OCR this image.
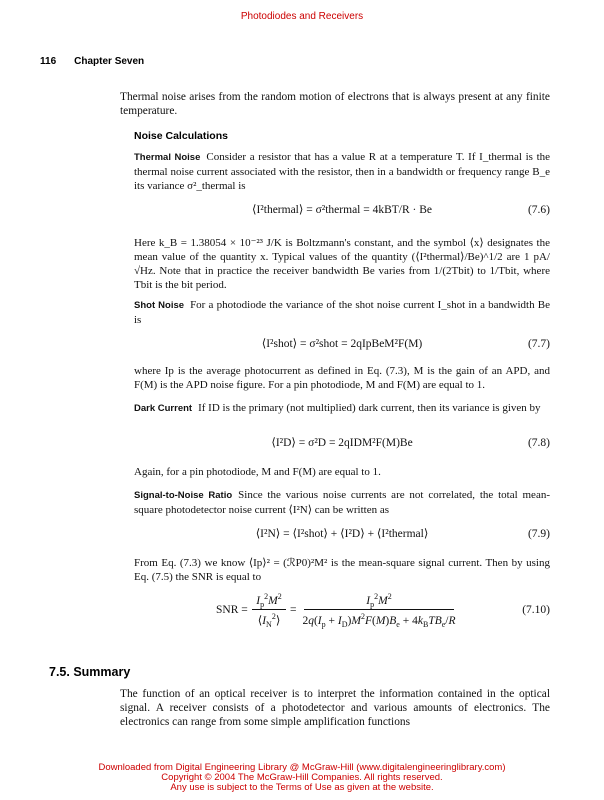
Photodiodes and Receivers
116 Chapter Seven
Thermal noise arises from the random motion of electrons that is always present at any finite temperature.
Noise Calculations
Thermal Noise Consider a resistor that has a value R at a temperature T. If I_thermal is the thermal noise current associated with the resistor, then in a bandwidth or frequency range B_e its variance σ²_thermal is
⟨I²thermal⟩ = σ²thermal = 4kBT/R · Be	(7.6)
Here k_B = 1.38054 × 10⁻²³ J/K is Boltzmann's constant, and the symbol ⟨x⟩ designates the mean value of the quantity x. Typical values of the quantity (⟨I²thermal⟩/Be)^1/2 are 1 pA/√Hz. Note that in practice the receiver bandwidth Be varies from 1/(2Tbit) to 1/Tbit, where Tbit is the bit period.
Shot Noise For a photodiode the variance of the shot noise current I_shot in a bandwidth Be is
⟨I²shot⟩ = σ²shot = 2qIpBeM²F(M)	(7.7)
where Ip is the average photocurrent as defined in Eq. (7.3), M is the gain of an APD, and F(M) is the APD noise figure. For a pin photodiode, M and F(M) are equal to 1.
Dark Current If ID is the primary (not multiplied) dark current, then its variance is given by
⟨I²D⟩ = σ²D = 2qIDM²F(M)Be	(7.8)
Again, for a pin photodiode, M and F(M) are equal to 1.
Signal-to-Noise Ratio Since the various noise currents are not correlated, the total mean-square photodetector noise current ⟨I²N⟩ can be written as
⟨I²N⟩ = ⟨I²shot⟩ + ⟨I²D⟩ + ⟨I²thermal⟩	(7.9)
From Eq. (7.3) we know ⟨Ip⟩² = (ℛP0)²M² is the mean-square signal current. Then by using Eq. (7.5) the SNR is equal to
SNR =
$I_p^2M^2$
$⟨I_N^2⟩$
=
$I_p^2M^2$
$2q(I_p + I_D)M^2F(M)B_e + 4k_BTB_e/R$
(7.10)
7.5. Summary
The function of an optical receiver is to interpret the information contained in the optical signal. A receiver consists of a photodetector and various amounts of electronics. The electronics can range from some simple amplification functions
Downloaded from Digital Engineering Library @ McGraw-Hill (www.digitalengineeringlibrary.com)
Copyright © 2004 The McGraw-Hill Companies. All rights reserved.
Any use is subject to the Terms of Use as given at the website.
